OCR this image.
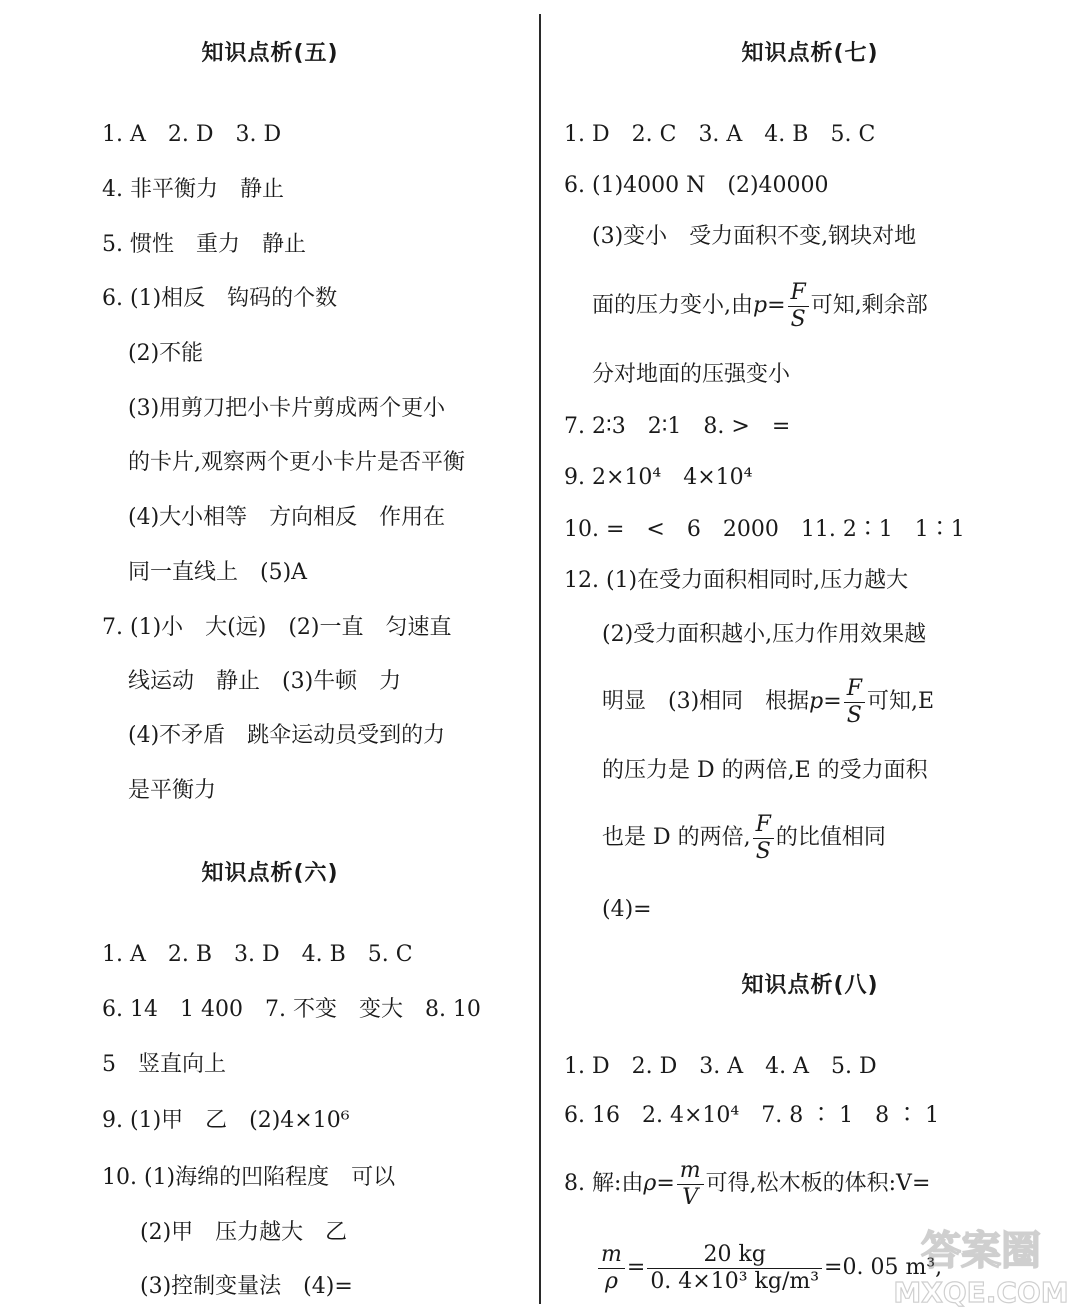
知识点析(五)
1. A　2. D　3. D
4. 非平衡力　静止
5. 惯性　重力　静止
6. (1)相反　钩码的个数
(2)不能
(3)用剪刀把小卡片剪成两个更小
的卡片,观察两个更小卡片是否平衡
(4)大小相等　方向相反　作用在
同一直线上　(5)A
7. (1)小　大(远)　(2)一直　匀速直
线运动　静止　(3)牛顿　力
(4)不矛盾　跳伞运动员受到的力
是平衡力
知识点析(六)
1. A　2. B　3. D　4. B　5. C
6. 14　1 400　7. 不变　变大　8. 10
5　竖直向上
9. (1)甲　乙　(2)4×10⁶
10. (1)海绵的凹陷程度　可以
(2)甲　压力越大　乙
(3)控制变量法　(4)=
知识点析(七)
1. D　2. C　3. A　4. B　5. C
6. (1)4000 N　(2)40000
(3)变小　受力面积不变,钢块对地
面的压力变小,由$p= \frac{F}{S}$ 可知,剩余部
分对地面的压强变小
7. 2∶3　2∶1　8. >　=
9. 2×10⁴　4×10⁴
10. =　<　6　2000　11. 2∶1　1∶1
12. (1)在受力面积相同时,压力越大
(2)受力面积越小,压力作用效果越
明显　(3)相同　根据$p= \frac{F}{S}$ 可知,E
的压力是 D 的两倍,E 的受力面积
也是 D 的两倍, $\frac{F}{S}$ 的比值相同
(4)=
知识点析(八)
1. D　2. D　3. A　4. A　5. D
6. 16　2. 4×10⁴　7. 8 ∶ 1　8 ∶ 1
8. 解:由$\rho= \frac{m}{V}$ 可得,松木板的体积:V=
$\frac{m}{\rho} = \frac{20 kg}{\text{0. 4×10³ kg/m³}} =0$. 05 m³,
答案圈
MXQE.COM
